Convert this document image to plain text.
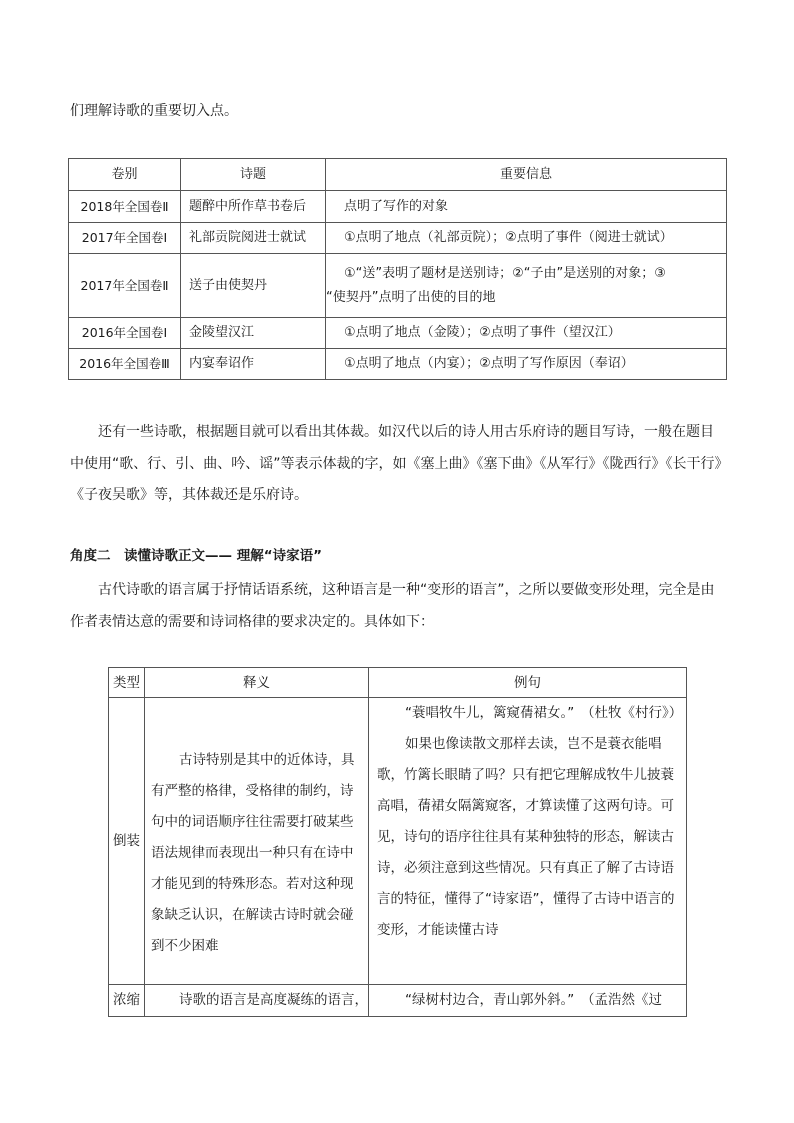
们理解诗歌的重要切入点。
卷别	诗题	重要信息
2018年全国卷Ⅱ	题醉中所作草书卷后	点明了写作的对象

2017年全国卷Ⅰ	礼部贡院阅进士就试	①点明了地点（礼部贡院）；②点明了事件（阅进士就试）

2017年全国卷Ⅱ	送子由使契丹	①“送”表明了题材是送别诗；②“子由”是送别的对象；③
“使契丹”点明了出使的目的地

2016年全国卷Ⅰ	金陵望汉江	①点明了地点（金陵）；②点明了事件（望汉江）

2016年全国卷Ⅲ	内宴奉诏作	①点明了地点（内宴）；②点明了写作原因（奉诏）
还有一些诗歌，根据题目就可以看出其体裁。如汉代以后的诗人用古乐府诗的题目写诗，一般在题目中使用“歌、行、引、曲、吟、谣”等表示体裁的字，如《塞上曲》《塞下曲》《从军行》《陇西行》《长干行》《子夜吴歌》等，其体裁还是乐府诗。
角度二　读懂诗歌正文—— 理解“诗家语”
古代诗歌的语言属于抒情话语系统，这种语言是一种“变形的语言”，之所以要做变形处理，完全是由作者表情达意的需要和诗词格律的要求决定的。具体如下：
类型	释义	例句
倒装	古诗特别是其中的近体诗，具有严整的格律，受格律的制约，诗句中的词语顺序往往需要打破某些语法规律而表现出一种只有在诗中才能见到的特殊形态。若对这种现象缺乏认识，在解读古诗时就会碰到不少困难	“蓑唱牧牛儿，篱窥蒨裙女。”　（杜牧《村行》）
如果也像读散文那样去读，岂不是蓑衣能唱歌，竹篱长眼睛了吗？只有把它理解成牧牛儿披蓑高唱，蒨裙女隔篱窥客，才算读懂了这两句诗。可见，诗句的语序往往具有某种独特的形态，解读古诗，必须注意到这些情况。只有真正了解了古诗语言的特征，懂得了“诗家语”，懂得了古诗中语言的变形，才能读懂古诗

浓缩	诗歌的语言是高度凝练的语言，	“绿树村边合，青山郭外斜。”　（孟浩然《过
